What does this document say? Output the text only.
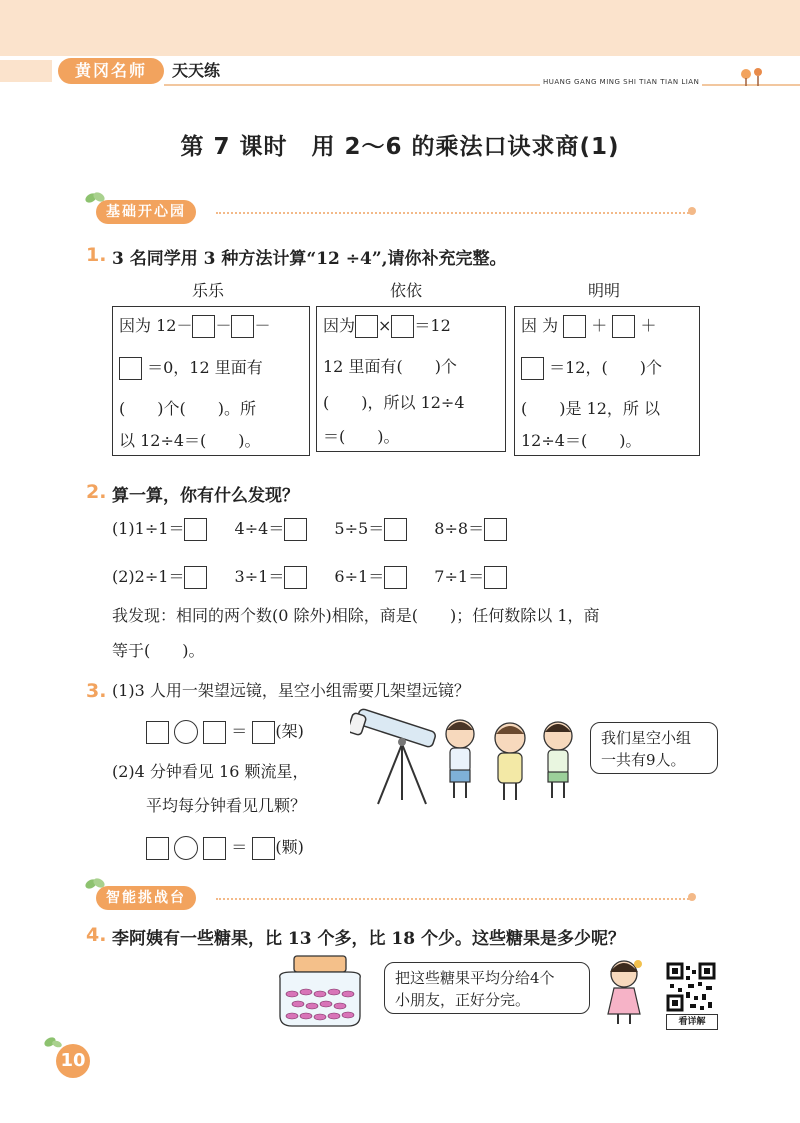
黄冈名师	天天练
HUANG GANG MING SHI TIAN TIAN LIAN
第 7 课时　用 2～6 的乘法口诀求商(1)
基础开心园
1. 3 名同学用 3 种方法计算“12 ÷4”,请你补充完整。
乐乐	依依	明明
因为 12－ － －
＝0，12 里面有
(　　)个(　　)。所
以 12÷4＝(　　)。
因为 × ＝12
12 里面有(　　)个
(　　)，所以 12÷4
＝(　　)。
因 为 ＋ ＋
＝12，(　　)个
(　　)是 12，所 以
12÷4＝(　　)。
2. 算一算，你有什么发现？
(1)1÷1＝	4÷4＝	5÷5＝	8÷8＝
(2)2÷1＝	3÷1＝	6÷1＝	7÷1＝
我发现：相同的两个数(0 除外)相除，商是(　　)；任何数除以 1，商
等于(　　)。
3. (1)3 人用一架望远镜，星空小组需要几架望远镜？
＝ (架)
(2)4 分钟看见 16 颗流星，
平均每分钟看见几颗？
＝ (颗)
我们星空小组
一共有9人。
智能挑战台
4. 李阿姨有一些糖果，比 13 个多，比 18 个少。这些糖果是多少呢？
把这些糖果平均分给4个
小朋友，正好分完。
看详解
10
